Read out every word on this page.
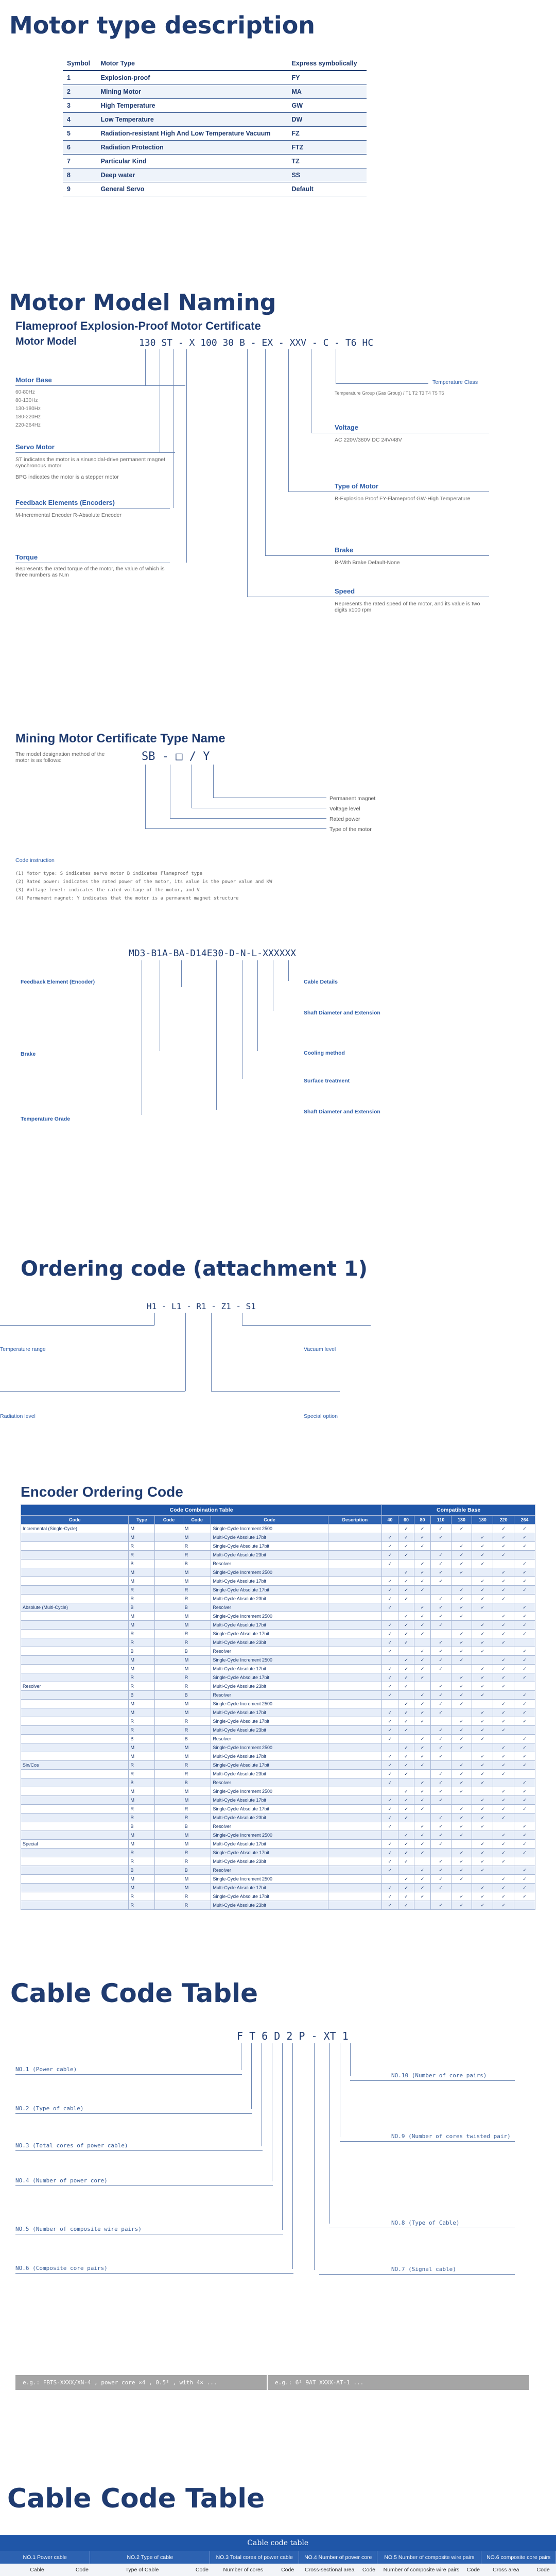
Motor type description
Symbol	Motor Type	Express symbolically
1	Explosion-proof	FY
2	Mining Motor	MA
3	High Temperature	GW
4	Low Temperature	DW
5	Radiation-resistant High And Low Temperature Vacuum	FZ
6	Radiation Protection	FTZ
7	Particular Kind	TZ
8	Deep water	SS
9	General Servo	Default
Motor Model Naming
Flameproof Explosion-Proof Motor Certificate
Motor Model	130 ST - X 100 30 B - EX - XXV - C - T6 HC
Motor Base
60-80Hz
80-130Hz
130-180Hz
180-220Hz
220-264Hz
Servo Motor
ST indicates the motor is a sinusoidal-drive permanent magnet synchronous motor
BPG indicates the motor is a stepper motor
Feedback Elements (Encoders)
M-Incremental Encoder R-Absolute Encoder
Torque
Represents the rated torque of the motor, the value of which is three numbers as N.m
Temperature Class
Temperature Group (Gas Group) / T1 T2 T3 T4 T5 T6
Voltage
AC 220V/380V DC 24V/48V
Type of Motor
B-Explosion Proof FY-Flameproof GW-High Temperature
Brake
B-With Brake Default-None
Speed
Represents the rated speed of the motor, and its value is two digits x100 rpm
Mining Motor Certificate Type Name
The model designation method of the motor is as follows:	SB - □ / Y
Permanent magnet
Voltage level
Rated power
Type of the motor
Code instruction
(1) Motor type: S indicates servo motor B indicates Flameproof type
(2) Rated power: indicates the rated power of the motor, its value is the power value and KW
(3) Voltage level: indicates the rated voltage of the motor, and V
(4) Permanent magnet: Y indicates that the motor is a permanent magnet structure
MD3-B1A-BA-D14E30-D-N-L-XXXXXX
Feedback Element (Encoder)	Cable Details
Shaft Diameter and Extension
Brake	Cooling method
Surface treatment
Temperature Grade
Shaft Diameter and Extension
Ordering code (attachment 1)
H1 - L1 - R1 - Z1 - S1
Temperature range
Radiation level
Vacuum level
Special option
Encoder Ordering Code
Code Combination Table						Compatible Base							
Code	Type	Code	Code	Code	Description	40	60	80	110	130	180	220	264
Incremental (Single-Cycle)	M		M	Single-Cycle Increment 2500			✓	✓	✓	✓		✓	✓
	M		M	Multi-Cycle Absolute 17bit		✓	✓	✓	✓		✓	✓	✓
	R		R	Single-Cycle Absolute 17bit		✓	✓	✓		✓	✓	✓	✓
	R		R	Multi-Cycle Absolute 23bit		✓	✓		✓	✓	✓	✓	
	B		B	Resolver		✓		✓	✓	✓	✓		✓
	M		M	Single-Cycle Increment 2500			✓	✓	✓	✓		✓	✓
	M		M	Multi-Cycle Absolute 17bit		✓	✓	✓	✓		✓	✓	✓
	R		R	Single-Cycle Absolute 17bit		✓	✓	✓		✓	✓	✓	✓
	R		R	Multi-Cycle Absolute 23bit		✓	✓		✓	✓	✓	✓	
Absolute (Multi-Cycle)	B		B	Resolver		✓		✓	✓	✓	✓		✓
	M		M	Single-Cycle Increment 2500			✓	✓	✓	✓		✓	✓
	M		M	Multi-Cycle Absolute 17bit		✓	✓	✓	✓		✓	✓	✓
	R		R	Single-Cycle Absolute 17bit		✓	✓	✓		✓	✓	✓	✓
	R		R	Multi-Cycle Absolute 23bit		✓	✓		✓	✓	✓	✓	
	B		B	Resolver		✓		✓	✓	✓	✓		✓
	M		M	Single-Cycle Increment 2500			✓	✓	✓	✓		✓	✓
	M		M	Multi-Cycle Absolute 17bit		✓	✓	✓	✓		✓	✓	✓
	R		R	Single-Cycle Absolute 17bit		✓	✓	✓		✓	✓	✓	✓
Resolver	R		R	Multi-Cycle Absolute 23bit		✓	✓		✓	✓	✓	✓	
	B		B	Resolver		✓		✓	✓	✓	✓		✓
	M		M	Single-Cycle Increment 2500			✓	✓	✓	✓		✓	✓
	M		M	Multi-Cycle Absolute 17bit		✓	✓	✓	✓		✓	✓	✓
	R		R	Single-Cycle Absolute 17bit		✓	✓	✓		✓	✓	✓	✓
	R		R	Multi-Cycle Absolute 23bit		✓	✓		✓	✓	✓	✓	
	B		B	Resolver		✓		✓	✓	✓	✓		✓
	M		M	Single-Cycle Increment 2500			✓	✓	✓	✓		✓	✓
	M		M	Multi-Cycle Absolute 17bit		✓	✓	✓	✓		✓	✓	✓
Sin/Cos	R		R	Single-Cycle Absolute 17bit		✓	✓	✓		✓	✓	✓	✓
	R		R	Multi-Cycle Absolute 23bit		✓	✓		✓	✓	✓	✓	
	B		B	Resolver		✓		✓	✓	✓	✓		✓
	M		M	Single-Cycle Increment 2500			✓	✓	✓	✓		✓	✓
	M		M	Multi-Cycle Absolute 17bit		✓	✓	✓	✓		✓	✓	✓
	R		R	Single-Cycle Absolute 17bit		✓	✓	✓		✓	✓	✓	✓
	R		R	Multi-Cycle Absolute 23bit		✓	✓		✓	✓	✓	✓	
	B		B	Resolver		✓		✓	✓	✓	✓		✓
	M		M	Single-Cycle Increment 2500			✓	✓	✓	✓		✓	✓
Special	M		M	Multi-Cycle Absolute 17bit		✓	✓	✓	✓		✓	✓	✓
	R		R	Single-Cycle Absolute 17bit		✓	✓	✓		✓	✓	✓	✓
	R		R	Multi-Cycle Absolute 23bit		✓	✓		✓	✓	✓	✓	
	B		B	Resolver		✓		✓	✓	✓	✓		✓
	M		M	Single-Cycle Increment 2500			✓	✓	✓	✓		✓	✓
	M		M	Multi-Cycle Absolute 17bit		✓	✓	✓	✓		✓	✓	✓
	R		R	Single-Cycle Absolute 17bit		✓	✓	✓		✓	✓	✓	✓
	R		R	Multi-Cycle Absolute 23bit		✓	✓		✓	✓	✓	✓	
Cable Code Table
F T 6 D 2 P - XT 1
NO.1 (Power cable)
NO.2 (Type of cable)
NO.3 (Total cores of power cable)
NO.4 (Number of power core)
NO.5 (Number of composite wire pairs)
NO.6 (Composite core pairs)
NO.10 (Number of core pairs)
NO.9 (Number of cores twisted pair)
NO.8 (Type of Cable)
NO.7 (Signal cable)
e.g.: FBTS-XXXX/XN-4 , power core ×4 , 0.5² , with 4× ...	e.g.: 6² 9AT XXXX-AT-1 ...
Cable Code Table
Cable code table											
NO.1 Power cable		NO.2 Type of cable		NO.3 Total cores of power cable		NO.4 Number of power core		NO.5 Number of composite wire pairs		NO.6 composite core pairs	
Cable	Code	Type of Cable	Code	Number of cores	Code	Cross-sectional area	Code	Number of composite wire pairs	Code	Cross area	Code
